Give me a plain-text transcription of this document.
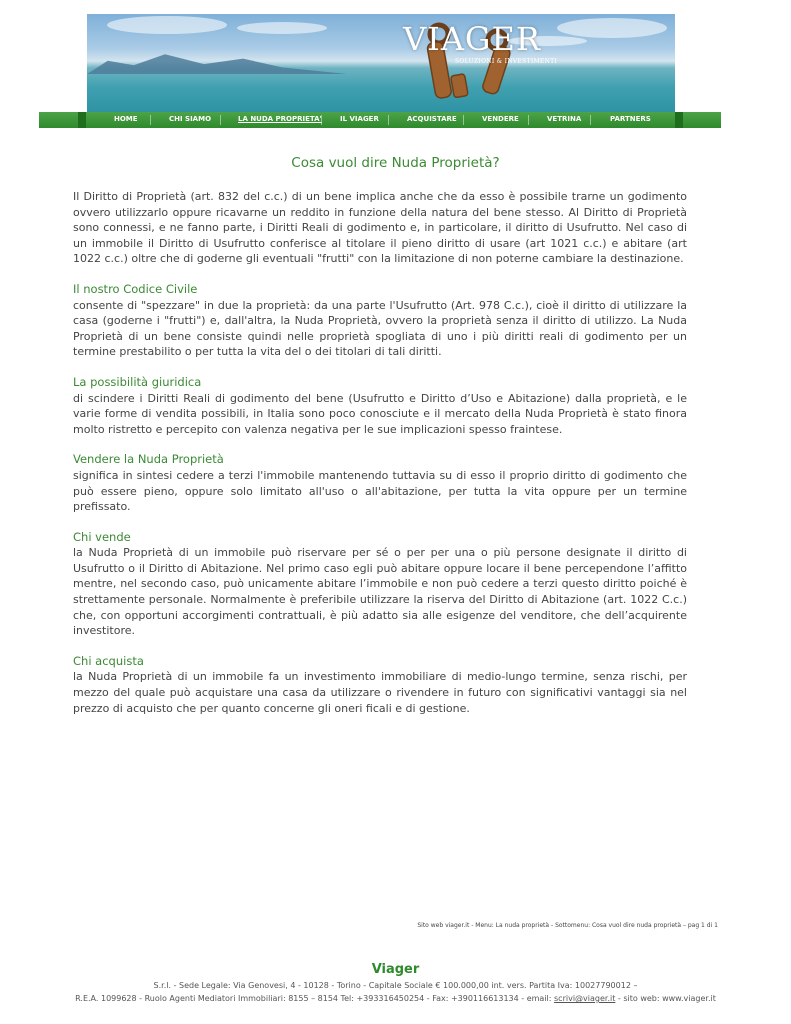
VIAGER
SOLUZIONI & INVESTIMENTI
HOME	CHI SIAMO	LA NUDA PROPRIETA'	IL VIAGER	ACQUISTARE	VENDERE	VETRINA	PARTNERS
Cosa vuol dire Nuda Proprietà?

Il Diritto di Proprietà (art. 832 del c.c.) di un bene implica anche che da esso è possibile trarne un godimento ovvero utilizzarlo oppure ricavarne un reddito in funzione della natura del bene stesso. Al Diritto di Proprietà sono connessi, e ne fanno parte, i Diritti Reali di godimento e, in particolare, il diritto di Usufrutto. Nel caso di un immobile il Diritto di Usufrutto conferisce al titolare il pieno diritto di usare (art 1021 c.c.) e abitare (art 1022 c.c.) oltre che di goderne gli eventuali "frutti" con la limitazione di non poterne cambiare la destinazione.

Il nostro Codice Civile

consente di "spezzare" in due la proprietà: da una parte l'Usufrutto (Art. 978 C.c.), cioè il diritto di utilizzare la casa (goderne i "frutti") e, dall'altra, la Nuda Proprietà, ovvero la proprietà senza il diritto di utilizzo. La Nuda Proprietà di un bene consiste quindi nelle proprietà spogliata di uno i più diritti reali di godimento per un termine prestabilito o per tutta la vita del o dei titolari di tali diritti.

La possibilità giuridica

di scindere i Diritti Reali di godimento del bene (Usufrutto e Diritto d’Uso e Abitazione) dalla proprietà, e le varie forme di vendita possibili, in Italia sono poco conosciute e il mercato della Nuda Proprietà è stato finora molto ristretto e percepito con valenza negativa per le sue implicazioni spesso fraintese.

Vendere la Nuda Proprietà

significa in sintesi cedere a terzi l'immobile mantenendo tuttavia su di esso il proprio diritto di godimento che può essere pieno, oppure solo limitato all'uso o all'abitazione, per tutta la vita oppure per un termine prefissato.

Chi vende

la Nuda Proprietà di un immobile può riservare per sé o per per una o più persone designate il diritto di Usufrutto o il Diritto di Abitazione. Nel primo caso egli può abitare oppure locare il bene percependone l’affitto mentre, nel secondo caso, può unicamente abitare l’immobile e non può cedere a terzi questo diritto poiché è strettamente personale. Normalmente è preferibile utilizzare la riserva del Diritto di Abitazione (art. 1022 C.c.) che, con opportuni accorgimenti contrattuali, è più adatto sia alle esigenze del venditore, che dell’acquirente investitore.

Chi acquista

la Nuda Proprietà di un immobile fa un investimento immobiliare di medio-lungo termine, senza rischi, per mezzo del quale può acquistare una casa da utilizzare o rivendere in futuro con significativi vantaggi sia nel prezzo di acquisto che per quanto concerne gli oneri ficali e di gestione.

Sito web viager.it - Menu: La nuda proprietà - Sottomenu: Cosa vuol dire nuda proprietà – pag 1 di 1
Viager
S.r.l. - Sede Legale: Via Genovesi, 4 - 10128 - Torino - Capitale Sociale € 100.000,00 int. vers. Partita Iva: 10027790012 –
R.E.A. 1099628 - Ruolo Agenti Mediatori Immobiliari: 8155 – 8154 Tel: +393316450254 - Fax: +390116613134 - email: scrivi@viager.it - sito web: www.viager.it
